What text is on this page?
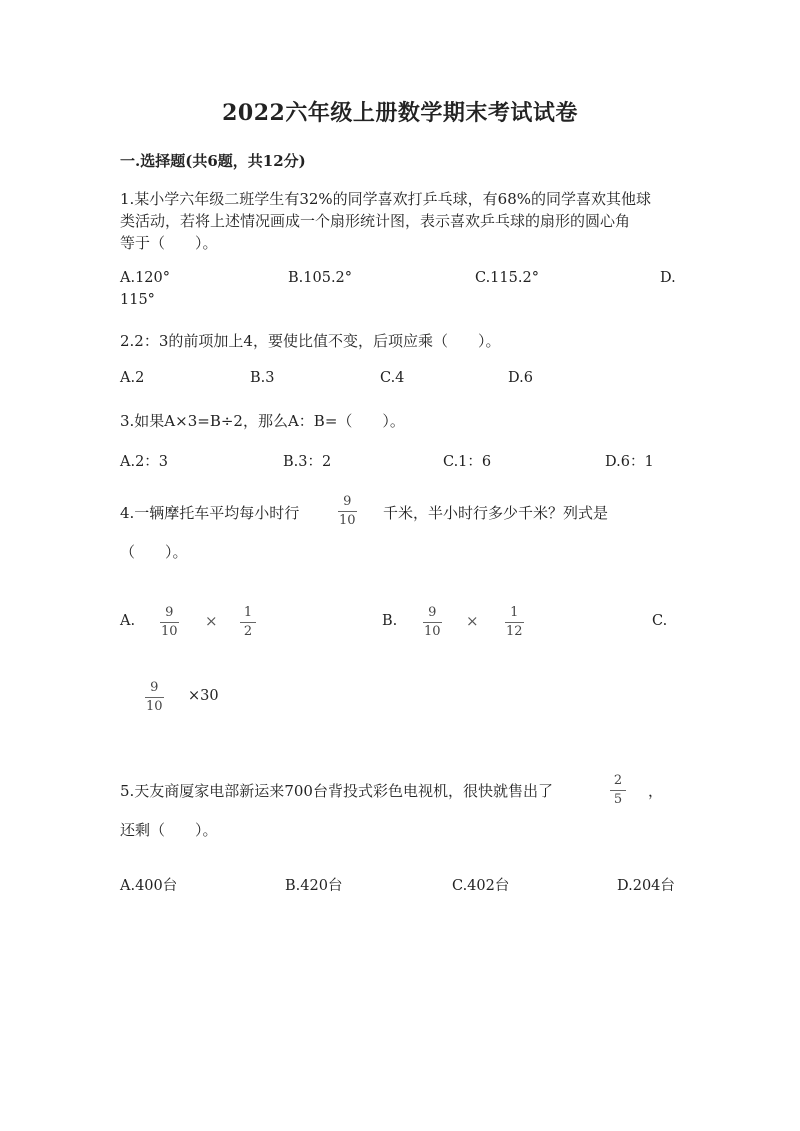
2022六年级上册数学期末考试试卷
一.选择题(共6题，共12分)
1.某小学六年级二班学生有32%的同学喜欢打乒乓球，有68%的同学喜欢其他球
类活动，若将上述情况画成一个扇形统计图，表示喜欢乒乓球的扇形的圆心角
等于（　　）。
A.120°	B.105.2°	C.115.2°	D.
115°
2.2：3的前项加上4，要使比值不变，后项应乘（　　）。
A.2	B.3	C.4	D.6
3.如果A×3=B÷2，那么A：B=（　　）。
A.2：3	B.3：2	C.1：6	D.6：1
4.一辆摩托车平均每小时行
9
10 千米，半小时行多少千米？列式是
（　　）。
A.
9
10
× 1
2
B.
9
10
× 1
12
C.
9
10
×30
5.天友商厦家电部新运来700台背投式彩色电视机，很快就售出了
2
5 ，
还剩（　　）。
A.400台	B.420台	C.402台	D.204台
